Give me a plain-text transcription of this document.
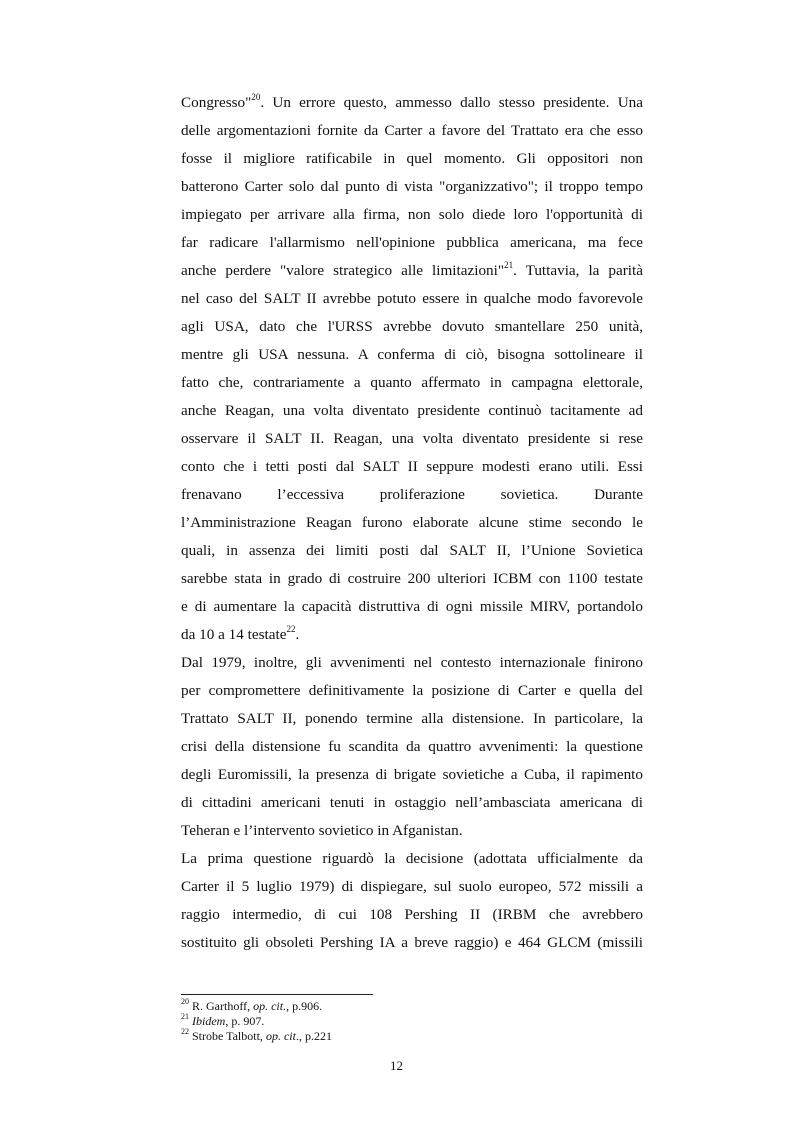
Congresso"$^{20}$. Un errore questo, ammesso dallo stesso presidente. Una
delle argomentazioni fornite da Carter a favore del Trattato era che esso
fosse il migliore ratificabile in quel momento. Gli oppositori non
batterono Carter solo dal punto di vista "organizzativo"; il troppo tempo
impiegato per arrivare alla firma, non solo diede loro l'opportunità di
far radicare l'allarmismo nell'opinione pubblica americana, ma fece
anche perdere "valore strategico alle limitazioni"$^{21}$. Tuttavia, la parità
nel caso del SALT II avrebbe potuto essere in qualche modo favorevole
agli USA, dato che l'URSS avrebbe dovuto smantellare 250 unità,
mentre gli USA nessuna. A conferma di ciò, bisogna sottolineare il
fatto che, contrariamente a quanto affermato in campagna elettorale,
anche Reagan, una volta diventato presidente continuò tacitamente ad
osservare il SALT II. Reagan, una volta diventato presidente si rese
conto che i tetti posti dal SALT II seppure modesti erano utili. Essi
frenavano l’eccessiva proliferazione sovietica. Durante
l’Amministrazione Reagan furono elaborate alcune stime secondo le
quali, in assenza dei limiti posti dal SALT II, l’Unione Sovietica
sarebbe stata in grado di costruire 200 ulteriori ICBM con 1100 testate
e di aumentare la capacità distruttiva di ogni missile MIRV, portandolo
da 10 a 14 testate$^{22}$.
Dal 1979, inoltre, gli avvenimenti nel contesto internazionale finirono
per compromettere definitivamente la posizione di Carter e quella del
Trattato SALT II, ponendo termine alla distensione. In particolare, la
crisi della distensione fu scandita da quattro avvenimenti: la questione
degli Euromissili, la presenza di brigate sovietiche a Cuba, il rapimento
di cittadini americani tenuti in ostaggio nell’ambasciata americana di
Teheran e l’intervento sovietico in Afganistan.
La prima questione riguardò la decisione (adottata ufficialmente da
Carter il 5 luglio 1979) di dispiegare, sul suolo europeo, 572 missili a
raggio intermedio, di cui 108 Pershing II (IRBM che avrebbero
sostituito gli obsoleti Pershing IA a breve raggio) e 464 GLCM (missili
$^{20}$ R. Garthoff, op. cit., p.906.
$^{21}$ Ibidem, p. 907.
$^{22}$ Strobe Talbott, op. cit., p.221
12
